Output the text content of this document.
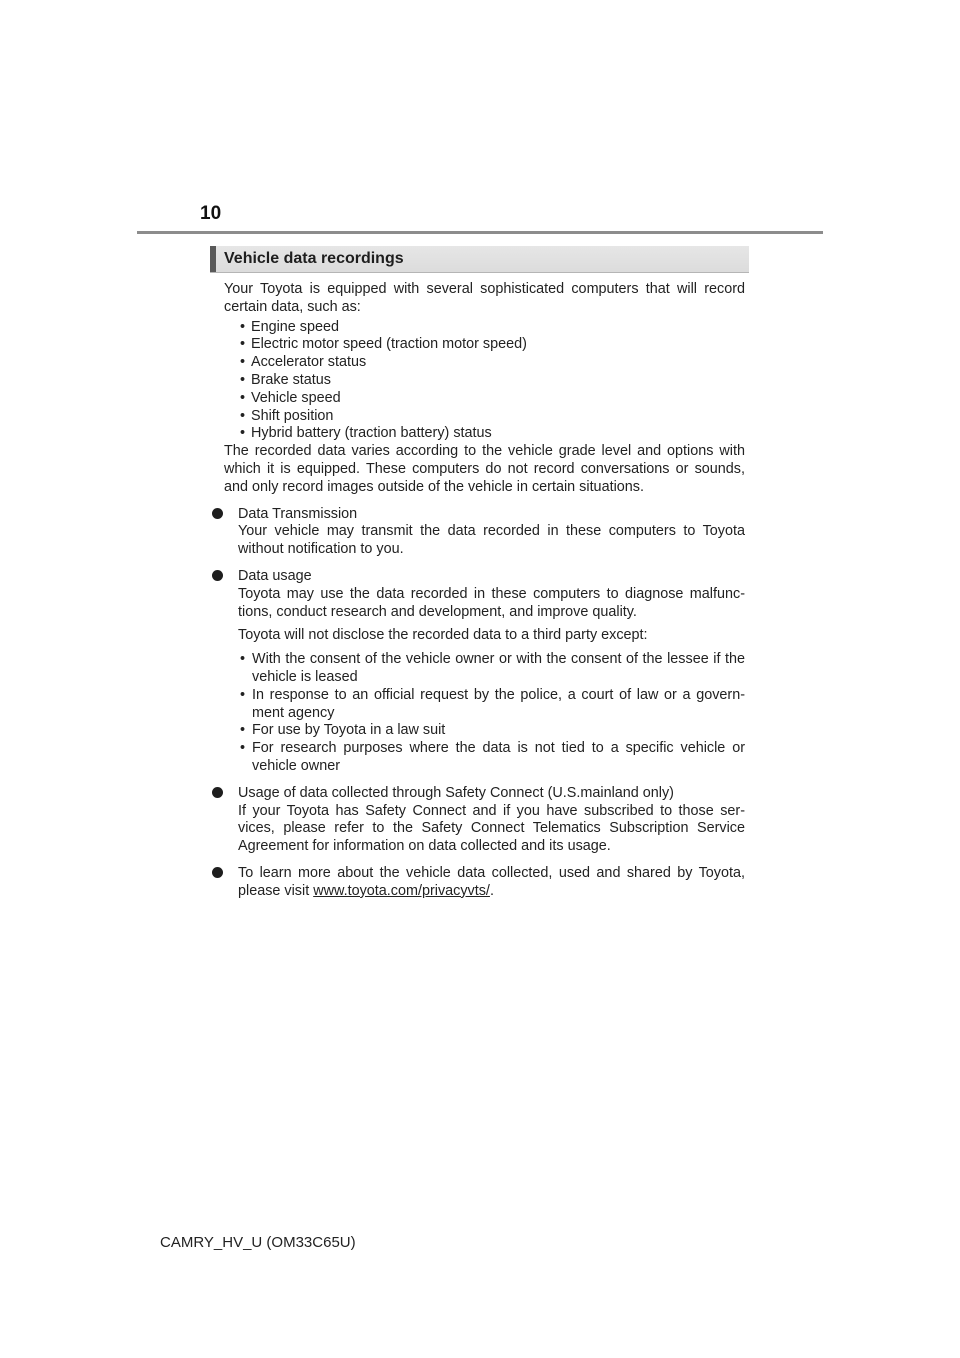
10
Vehicle data recordings

Your Toyota is equipped with several sophisticated computers that will record certain data, such as:

• Engine speed
• Electric motor speed (traction motor speed)
• Accelerator status
• Brake status
• Vehicle speed
• Shift position
• Hybrid battery (traction battery) status

The recorded data varies according to the vehicle grade level and options with which it is equipped. These computers do not record conversations or sounds, and only record images outside of the vehicle in certain situations.

Data Transmission

Your vehicle may transmit the data recorded in these computers to Toyota without notification to you.

Data usage

Toyota may use the data recorded in these computers to diagnose malfunc-tions, conduct research and development, and improve quality.

Toyota will not disclose the recorded data to a third party except:

• With the consent of the vehicle owner or with the consent of the lessee if the vehicle is leased
• In response to an official request by the police, a court of law or a govern-ment agency
• For use by Toyota in a law suit
• For research purposes where the data is not tied to a specific vehicle or vehicle owner

Usage of data collected through Safety Connect (U.S.mainland only)

If your Toyota has Safety Connect and if you have subscribed to those ser-vices, please refer to the Safety Connect Telematics Subscription Service Agreement for information on data collected and its usage.

To learn more about the vehicle data collected, used and shared by Toyota, please visit www.toyota.com/privacyvts/.

CAMRY_HV_U (OM33C65U)
